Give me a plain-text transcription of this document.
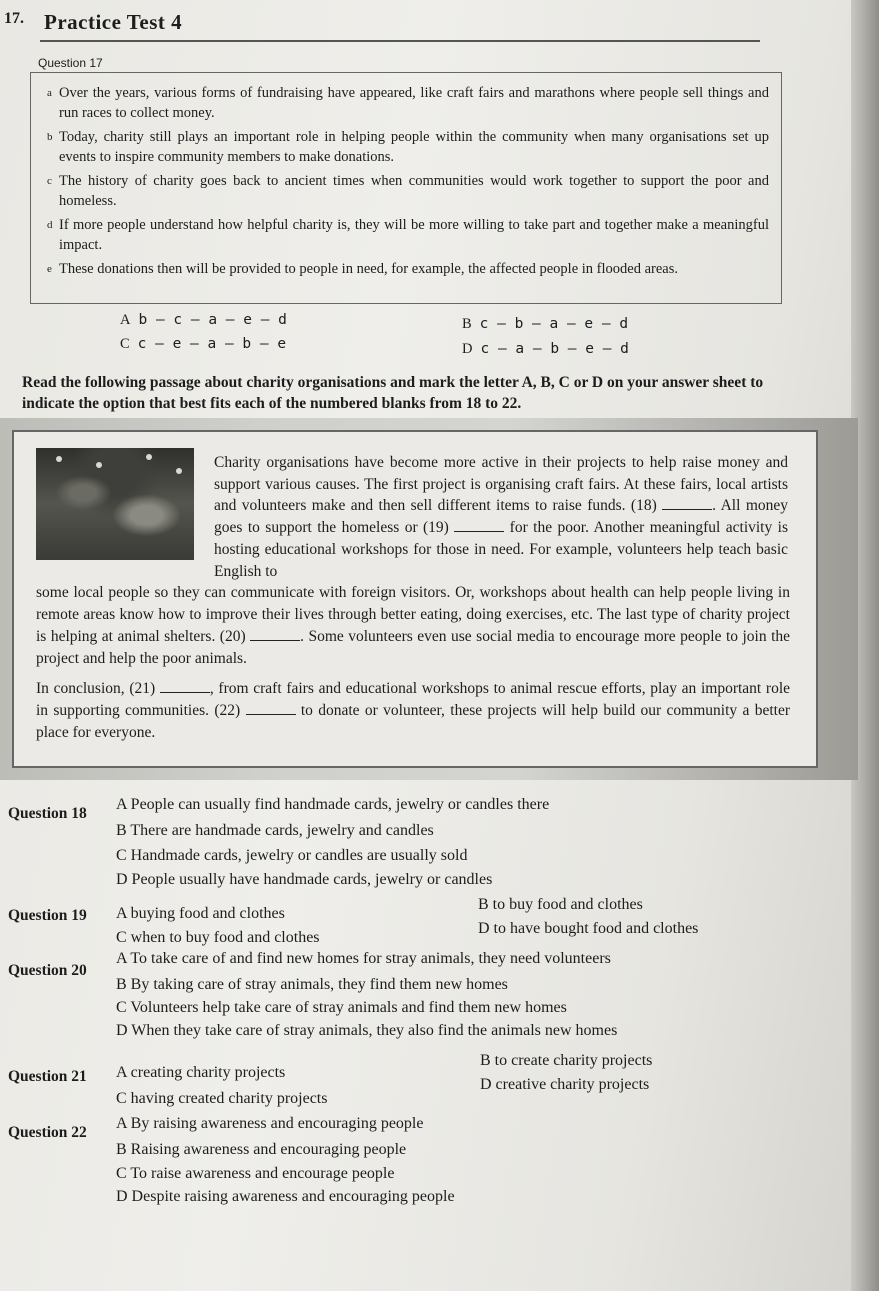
17. Practice Test 4
Question 17
a Over the years, various forms of fundraising have appeared, like craft fairs and marathons where people sell things and run races to collect money.
b Today, charity still plays an important role in helping people within the community when many organisations set up events to inspire community members to make donations.
c The history of charity goes back to ancient times when communities would work together to support the poor and homeless.
d If more people understand how helpful charity is, they will be more willing to take part and together make a meaningful impact.
e These donations then will be provided to people in need, for example, the affected people in flooded areas.
A b – c – a – e – d	B c – b – a – e – d
C c – e – a – b – e	D c – a – b – e – d
Read the following passage about charity organisations and mark the letter A, B, C or D on your answer sheet to indicate the option that best fits each of the numbered blanks from 18 to 22.
Charity organisations have become more active in their projects to help raise money and support various causes. The first project is organising craft fairs. At these fairs, local artists and volunteers make and then sell different items to raise funds. (18)	. All money goes to support the homeless or (19)	for the poor. Another meaningful activity is hosting educational workshops for those in need. For example, volunteers help teach basic English to
some local people so they can communicate with foreign visitors. Or, workshops about health can help people living in remote areas know how to improve their lives through better eating, doing exercises, etc. The last type of charity project is helping at animal shelters. (20)	. Some volunteers even use social media to encourage more people to join the project and help the poor animals.
In conclusion, (21)	, from craft fairs and educational workshops to animal rescue efforts, play an important role in supporting communities. (22)	to donate or volunteer, these projects will help build our community a better place for everyone.
Question 18
A People can usually find handmade cards, jewelry or candles there
B There are handmade cards, jewelry and candles
C Handmade cards, jewelry or candles are usually sold
D People usually have handmade cards, jewelry or candles
Question 19 A buying food and clothes
B to buy food and clothes
C when to buy food and clothes
D to have bought food and clothes
Question 20
A To take care of and find new homes for stray animals, they need volunteers
B By taking care of stray animals, they find them new homes
C Volunteers help take care of stray animals and find them new homes
D When they take care of stray animals, they also find the animals new homes
Question 21 A creating charity projects
B to create charity projects
C having created charity projects
D creative charity projects
Question 22
A By raising awareness and encouraging people
B Raising awareness and encouraging people
C To raise awareness and encourage people
D Despite raising awareness and encouraging people
